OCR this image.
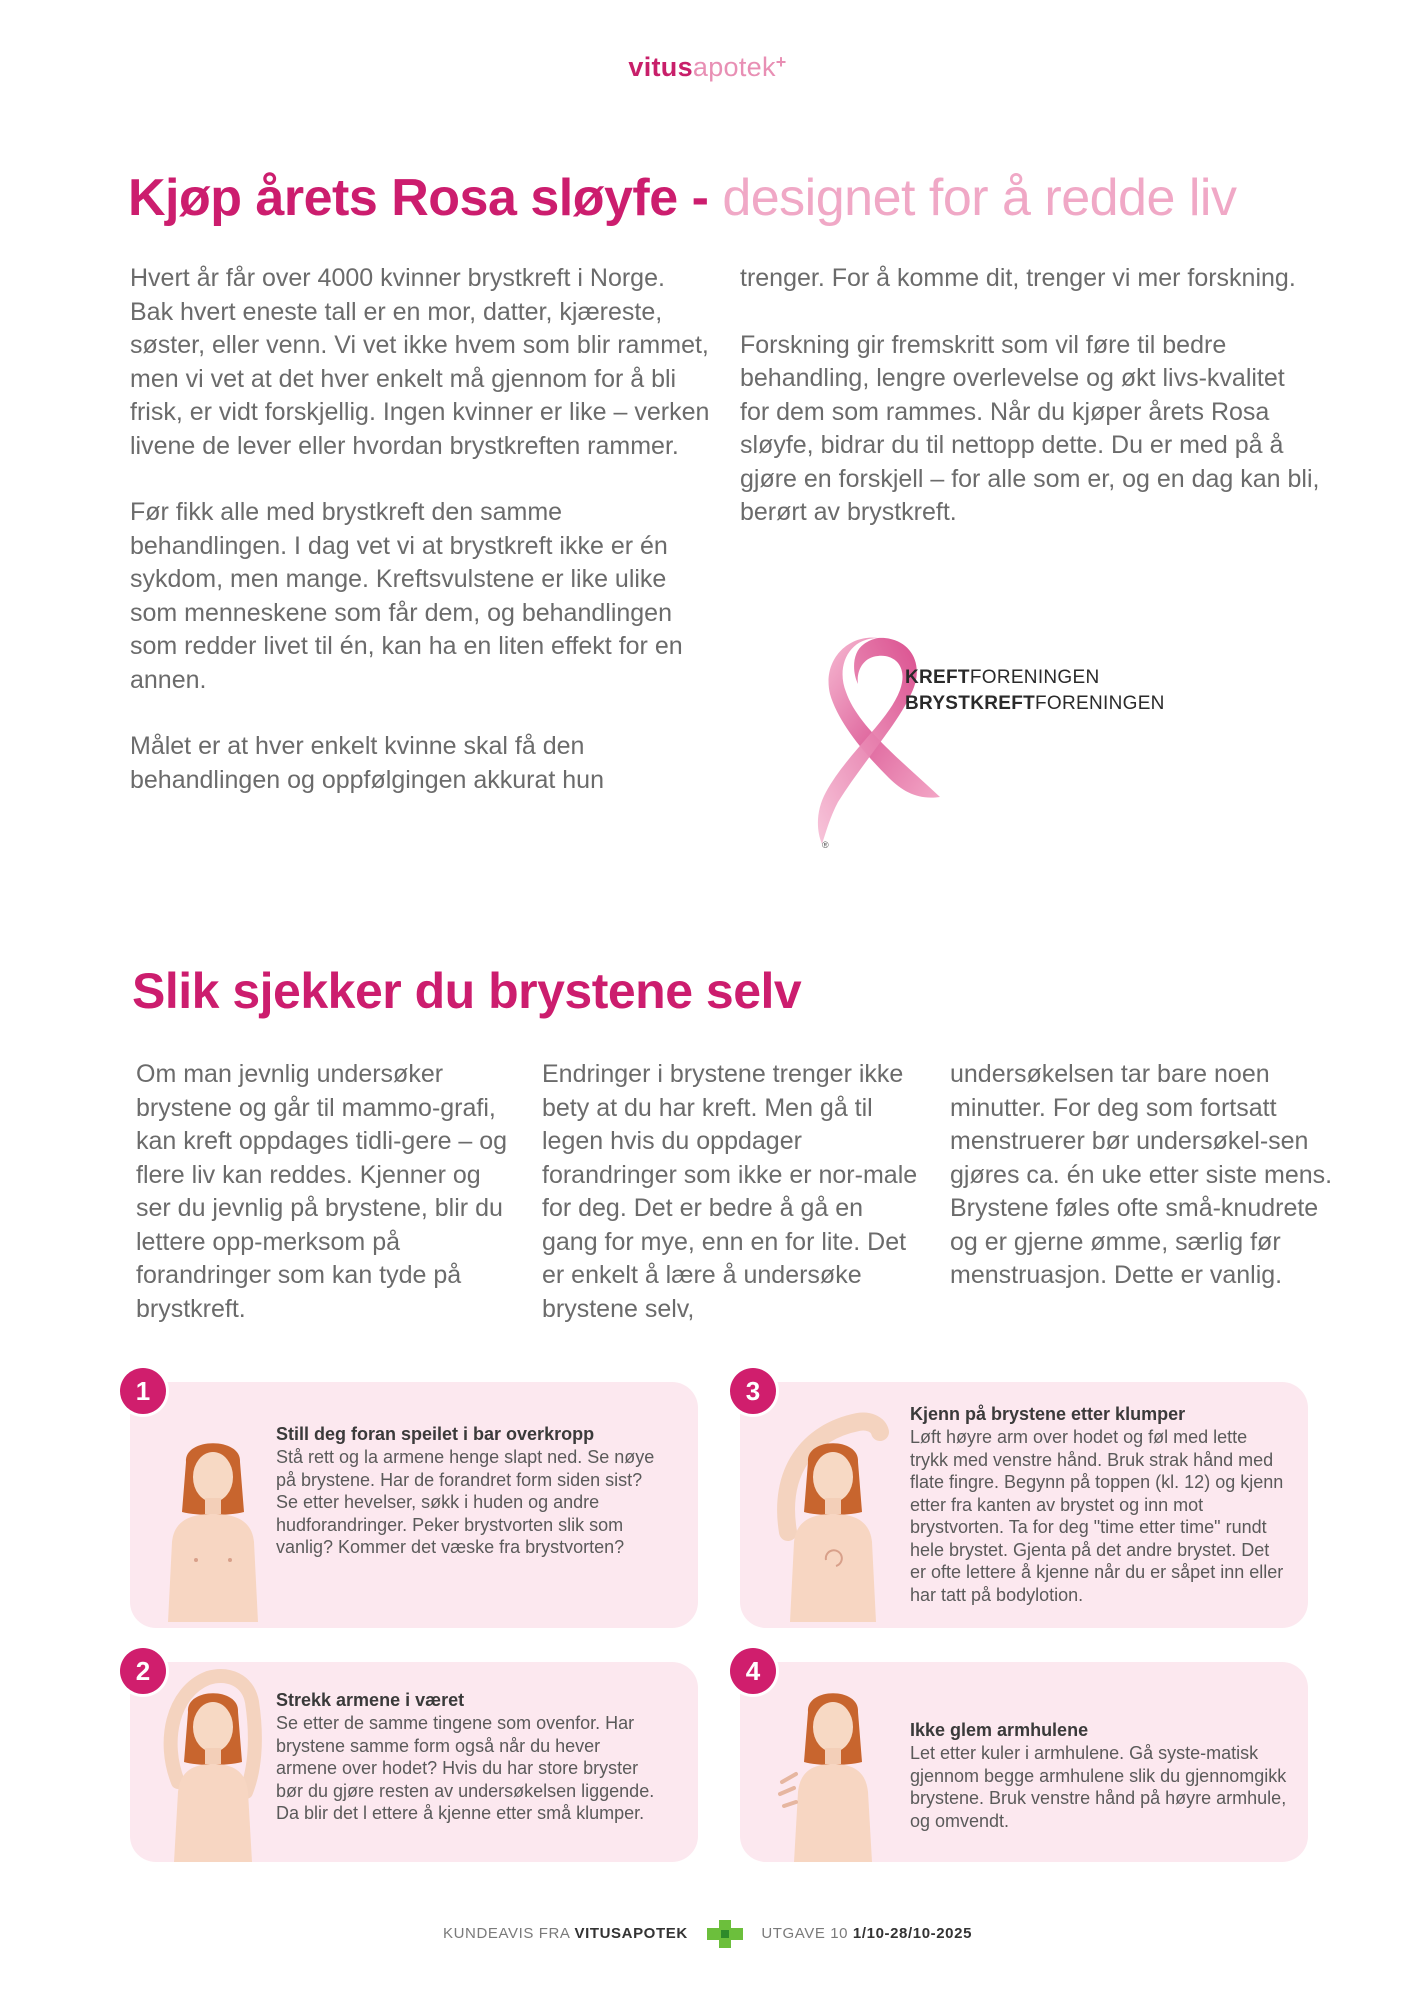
vitusapotek+
Kjøp årets Rosa sløyfe - designet for å redde liv

Hvert år får over 4000 kvinner brystkreft i Norge. Bak hvert eneste tall er en mor, datter, kjæreste, søster, eller venn. Vi vet ikke hvem som blir rammet, men vi vet at det hver enkelt må gjennom for å bli frisk, er vidt forskjellig. Ingen kvinner er like – verken livene de lever eller hvordan brystkreften rammer.

Før fikk alle med brystkreft den samme behandlingen. I dag vet vi at brystkreft ikke er én sykdom, men mange. Kreftsvulstene er like ulike som menneskene som får dem, og behandlingen som redder livet til én, kan ha en liten effekt for en annen.

Målet er at hver enkelt kvinne skal få den behandlingen og oppfølgingen akkurat hun

trenger. For å komme dit, trenger vi mer forskning.

Forskning gir fremskritt som vil føre til bedre behandling, lengre overlevelse og økt livs-kvalitet for dem som rammes. Når du kjøper årets Rosa sløyfe, bidrar du til nettopp dette. Du er med på å gjøre en forskjell – for alle som er, og en dag kan bli, berørt av brystkreft.

®
KREFTFORENINGEN
BRYSTKREFTFORENINGEN
Slik sjekker du brystene selv

Om man jevnlig undersøker brystene og går til mammo-grafi, kan kreft oppdages tidli-gere – og flere liv kan reddes. Kjenner og ser du jevnlig på brystene, blir du lettere opp-merksom på forandringer som kan tyde på brystkreft.

Endringer i brystene trenger ikke bety at du har kreft. Men gå til legen hvis du oppdager forandringer som ikke er nor-male for deg. Det er bedre å gå en gang for mye, enn en for lite. Det er enkelt å lære å undersøke brystene selv,

undersøkelsen tar bare noen minutter. For deg som fortsatt menstruerer bør undersøkel-sen gjøres ca. én uke etter siste mens. Brystene føles ofte små-knudrete og er gjerne ømme, særlig før menstruasjon. Dette er vanlig.

Still deg foran speilet i bar overkropp

Stå rett og la armene henge slapt ned. Se nøye på brystene. Har de forandret form siden sist? Se etter hevelser, søkk i huden og andre hudforandringer. Peker brystvorten slik som vanlig? Kommer det væske fra brystvorten?

1
Kjenn på brystene etter klumper

Løft høyre arm over hodet og føl med lette trykk med venstre hånd. Bruk strak hånd med flate fingre. Begynn på toppen (kl. 12) og kjenn etter fra kanten av brystet og inn mot brystvorten. Ta for deg "time etter time" rundt hele brystet. Gjenta på det andre brystet. Det er ofte lettere å kjenne når du er såpet inn eller har tatt på bodylotion.

3
Strekk armene i været

Se etter de samme tingene som ovenfor. Har brystene samme form også når du hever armene over hodet? Hvis du har store bryster bør du gjøre resten av undersøkelsen liggende. Da blir det l ettere å kjenne etter små klumper.

2
Ikke glem armhulene

Let etter kuler i armhulene. Gå syste-matisk gjennom begge armhulene slik du gjennomgikk brystene. Bruk venstre hånd på høyre armhule, og omvendt.

4
KUNDEAVIS FRA VITUSAPOTEK	UTGAVE 10 1/10-28/10-2025
